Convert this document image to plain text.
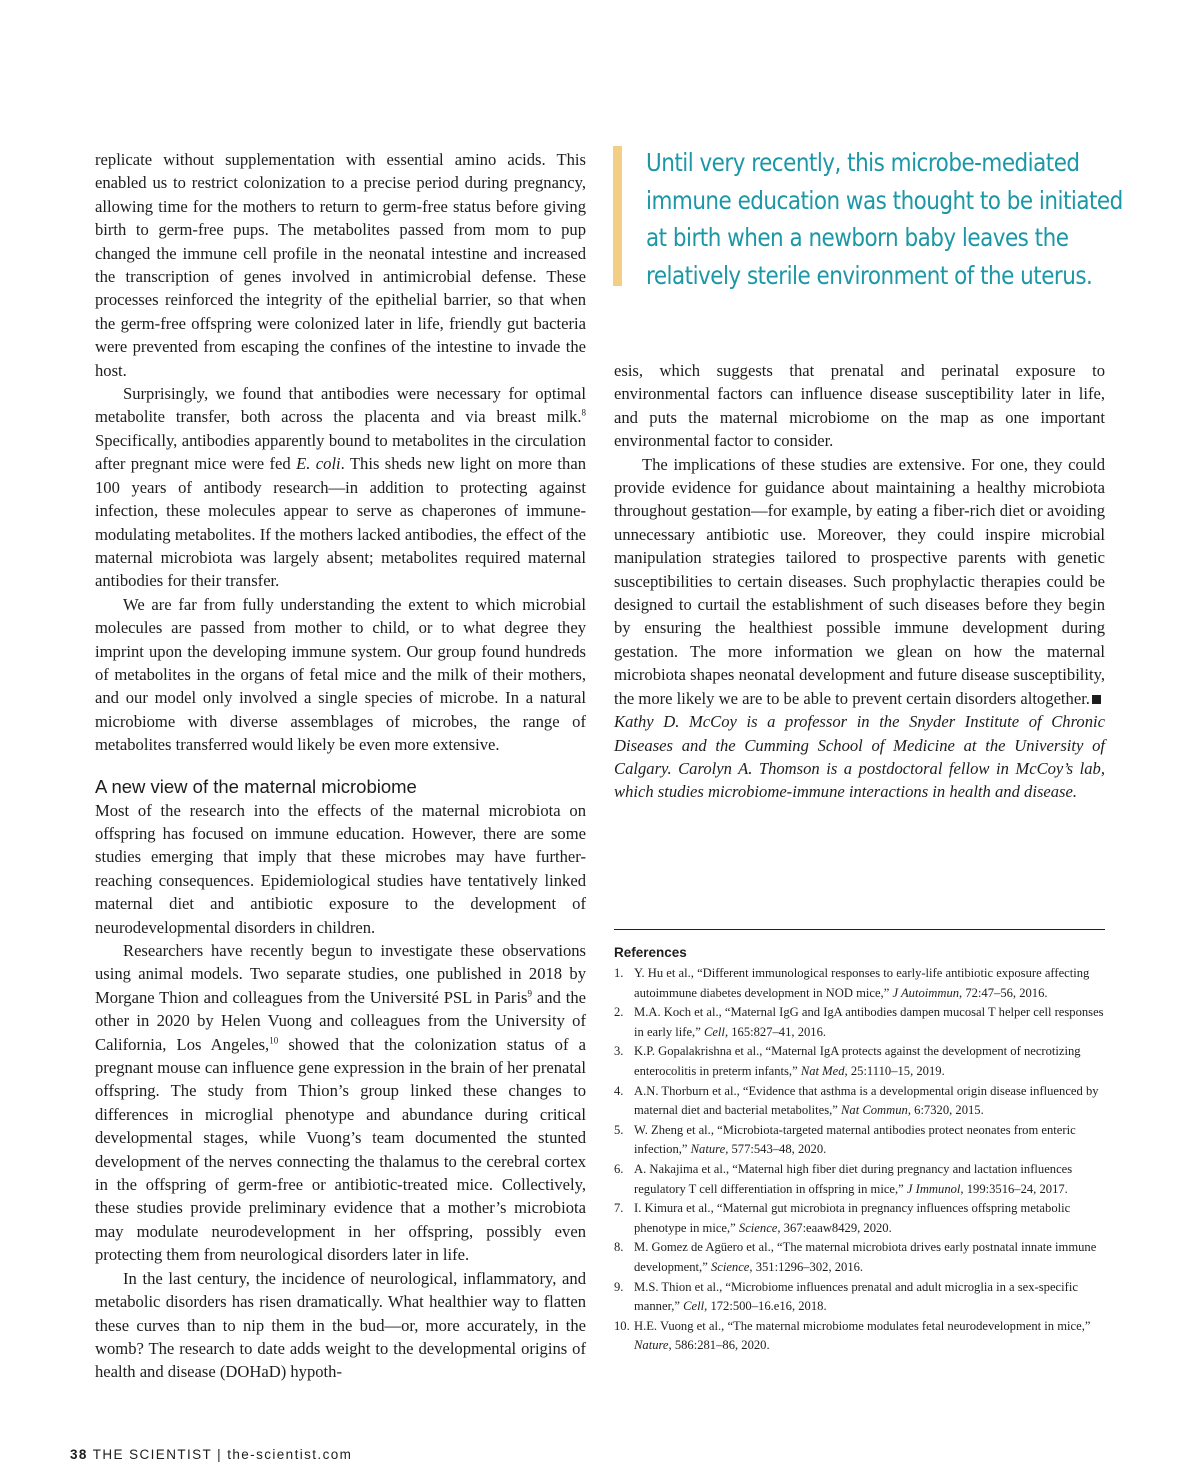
replicate without supplementation with essential amino acids. This enabled us to restrict colonization to a precise period during pregnancy, allowing time for the mothers to return to germ-free status before giving birth to germ-free pups. The metabolites passed from mom to pup changed the immune cell profile in the neonatal intestine and increased the transcription of genes involved in antimicrobial defense. These processes reinforced the integrity of the epithelial barrier, so that when the germ-free offspring were colonized later in life, friendly gut bacteria were prevented from escaping the confines of the intestine to invade the host.

Surprisingly, we found that antibodies were necessary for optimal metabolite transfer, both across the placenta and via breast milk.$^8$ Specifically, antibodies apparently bound to metabolites in the circulation after pregnant mice were fed E. coli. This sheds new light on more than 100 years of antibody research—in addition to protecting against infection, these molecules appear to serve as chaperones of immune-modulating metabolites. If the mothers lacked antibodies, the effect of the maternal microbiota was largely absent; metabolites required maternal antibodies for their transfer.

We are far from fully understanding the extent to which microbial molecules are passed from mother to child, or to what degree they imprint upon the developing immune system. Our group found hundreds of metabolites in the organs of fetal mice and the milk of their mothers, and our model only involved a single species of microbe. In a natural microbiome with diverse assemblages of microbes, the range of metabolites transferred would likely be even more extensive.

A new view of the maternal microbiome

Most of the research into the effects of the maternal microbiota on offspring has focused on immune education. However, there are some studies emerging that imply that these microbes may have further-reaching consequences. Epidemiological studies have tentatively linked maternal diet and antibiotic exposure to the development of neurodevelopmental disorders in children.

Researchers have recently begun to investigate these observations using animal models. Two separate studies, one published in 2018 by Morgane Thion and colleagues from the Université PSL in Paris$^9$ and the other in 2020 by Helen Vuong and colleagues from the University of California, Los Angeles,$^{10}$ showed that the colonization status of a pregnant mouse can influence gene expression in the brain of her prenatal offspring. The study from Thion’s group linked these changes to differences in microglial phenotype and abundance during critical developmental stages, while Vuong’s team documented the stunted development of the nerves connecting the thalamus to the cerebral cortex in the offspring of germ-free or antibiotic-treated mice. Collectively, these studies provide preliminary evidence that a mother’s microbiota may modulate neurodevelopment in her offspring, possibly even protecting them from neurological disorders later in life.

In the last century, the incidence of neurological, inflammatory, and metabolic disorders has risen dramatically. What healthier way to flatten these curves than to nip them in the bud—or, more accurately, in the womb? The research to date adds weight to the developmental origins of health and disease (DOHaD) hypoth-

Until very recently, this microbe-mediated
immune education was thought to be initiated
at birth when a newborn baby leaves the
relatively sterile environment of the uterus.

esis, which suggests that prenatal and perinatal exposure to environmental factors can influence disease susceptibility later in life, and puts the maternal microbiome on the map as one important environmental factor to consider.

The implications of these studies are extensive. For one, they could provide evidence for guidance about maintaining a healthy microbiota throughout gestation—for example, by eating a fiber-rich diet or avoiding unnecessary antibiotic use. Moreover, they could inspire microbial manipulation strategies tailored to prospective parents with genetic susceptibilities to certain diseases. Such prophylactic therapies could be designed to curtail the establishment of such diseases before they begin by ensuring the healthiest possible immune development during gestation. The more information we glean on how the maternal microbiota shapes neonatal development and future disease susceptibility, the more likely we are to be able to prevent certain disorders altogether.

Kathy D. McCoy is a professor in the Snyder Institute of Chronic Diseases and the Cumming School of Medicine at the University of Calgary. Carolyn A. Thomson is a postdoctoral fellow in McCoy’s lab, which studies microbiome-immune interactions in health and disease.

References
1. Y. Hu et al., “Different immunological responses to early-life antibiotic exposure affecting autoimmune diabetes development in NOD mice,” J Autoimmun, 72:47–56, 2016.
2. M.A. Koch et al., “Maternal IgG and IgA antibodies dampen mucosal T helper cell responses in early life,” Cell, 165:827–41, 2016.
3. K.P. Gopalakrishna et al., “Maternal IgA protects against the development of necrotizing enterocolitis in preterm infants,” Nat Med, 25:1110–15, 2019.
4. A.N. Thorburn et al., “Evidence that asthma is a developmental origin disease influenced by maternal diet and bacterial metabolites,” Nat Commun, 6:7320, 2015.
5. W. Zheng et al., “Microbiota-targeted maternal antibodies protect neonates from enteric infection,” Nature, 577:543–48, 2020.
6. A. Nakajima et al., “Maternal high fiber diet during pregnancy and lactation influences regulatory T cell differentiation in offspring in mice,” J Immunol, 199:3516–24, 2017.
7. I. Kimura et al., “Maternal gut microbiota in pregnancy influences offspring metabolic phenotype in mice,” Science, 367:eaaw8429, 2020.
8. M. Gomez de Agüero et al., “The maternal microbiota drives early postnatal innate immune development,” Science, 351:1296–302, 2016.
9. M.S. Thion et al., “Microbiome influences prenatal and adult microglia in a sex-specific manner,” Cell, 172:500–16.e16, 2018.
10. H.E. Vuong et al., “The maternal microbiome modulates fetal neurodevelopment in mice,” Nature, 586:281–86, 2020.
38 THE SCIENTIST | the-scientist.com
